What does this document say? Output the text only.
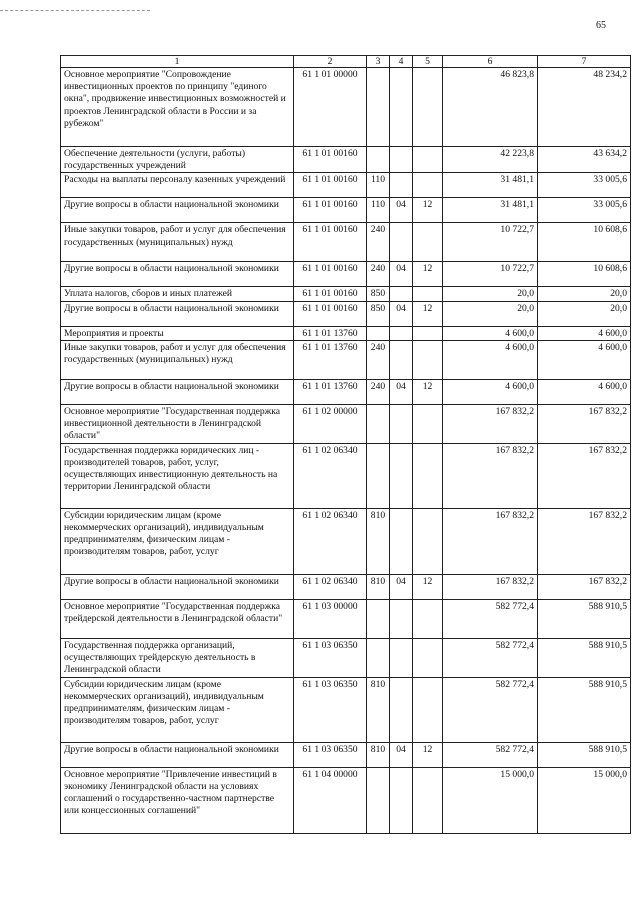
65
1	2	3	4	5	6	7
Основное мероприятие "Сопровождение инвестиционных проектов по принципу "единого окна", продвижение инвестиционных возможностей и проектов Ленинградской области в России и за рубежом"	61 1 01 00000				46 823,8	48 234,2
Обеспечение деятельности (услуги, работы) государственных учреждений	61 1 01 00160				42 223,8	43 634,2
Расходы на выплаты персоналу казенных учреждений	61 1 01 00160	110			31 481,1	33 005,6
Другие вопросы в области национальной экономики	61 1 01 00160	110	04	12	31 481,1	33 005,6
Иные закупки товаров, работ и услуг для обеспечения государственных (муниципальных) нужд	61 1 01 00160	240			10 722,7	10 608,6
Другие вопросы в области национальной экономики	61 1 01 00160	240	04	12	10 722,7	10 608,6
Уплата налогов, сборов и иных платежей	61 1 01 00160	850			20,0	20,0
Другие вопросы в области национальной экономики	61 1 01 00160	850	04	12	20,0	20,0
Мероприятия и проекты	61 1 01 13760				4 600,0	4 600,0
Иные закупки товаров, работ и услуг для обеспечения государственных (муниципальных) нужд	61 1 01 13760	240			4 600,0	4 600,0
Другие вопросы в области национальной экономики	61 1 01 13760	240	04	12	4 600,0	4 600,0
Основное мероприятие "Государственная поддержка инвестиционной деятельности в Ленинградской области"	61 1 02 00000				167 832,2	167 832,2
Государственная поддержка юридических лиц - производителей товаров, работ, услуг, осуществляющих инвестиционную деятельность на территории Ленинградской области	61 1 02 06340				167 832,2	167 832,2
Субсидии юридическим лицам (кроме некоммерческих организаций), индивидуальным предпринимателям, физическим лицам - производителям товаров, работ, услуг	61 1 02 06340	810			167 832,2	167 832,2
Другие вопросы в области национальной экономики	61 1 02 06340	810	04	12	167 832,2	167 832,2
Основное мероприятие "Государственная поддержка трейдерской деятельности в Ленинградской области"	61 1 03 00000				582 772,4	588 910,5
Государственная поддержка организаций, осуществляющих трейдерскую деятельность в Ленинградской области	61 1 03 06350				582 772,4	588 910,5
Субсидии юридическим лицам (кроме некоммерческих организаций), индивидуальным предпринимателям, физическим лицам - производителям товаров, работ, услуг	61 1 03 06350	810			582 772,4	588 910,5
Другие вопросы в области национальной экономики	61 1 03 06350	810	04	12	582 772,4	588 910,5
Основное мероприятие "Привлечение инвестиций в экономику Ленинградской области на условиях соглашений о государственно-частном партнерстве или концессионных соглашений"	61 1 04 00000				15 000,0	15 000,0
